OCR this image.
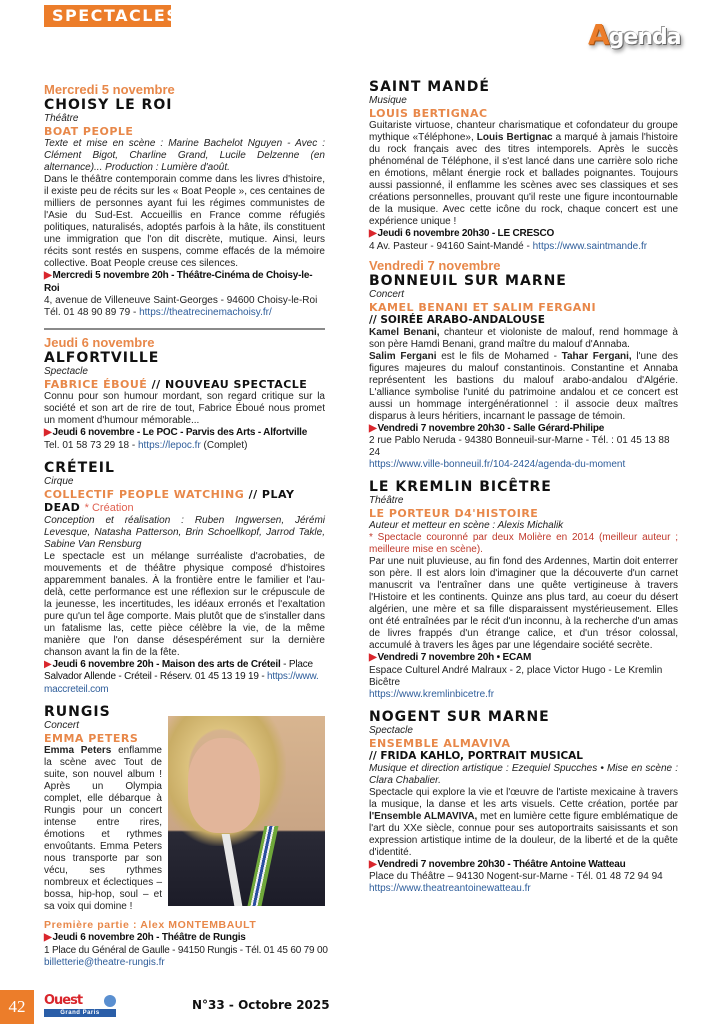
SPECTACLES
Agenda
Mercredi 5 novembre
CHOISY LE ROI
Théâtre
BOAT PEOPLE
Texte et mise en scène : Marine Bachelot Nguyen - Avec : Clément Bigot, Charline Grand, Lucile Delzenne (en alternance)... Production : Lumière d'août.
Dans le théâtre contemporain comme dans les livres d'histoire, il existe peu de récits sur les « Boat People », ces centaines de milliers de personnes ayant fui les régimes communistes de l'Asie du Sud-Est. Accueillis en France comme réfugiés politiques, naturalisés, adoptés parfois à la hâte, ils constituent une immigration que l'on dit discrète, mutique. Ainsi, leurs récits sont restés en suspens, comme effacés de la mémoire collective. Boat People creuse ces silences.
▶Mercredi 5 novembre 20h - Théâtre-Cinéma de Choisy-le-Roi
4, avenue de Villeneuve Saint-Georges - 94600 Choisy-le-Roi
Tél. 01 48 90 89 79 - https://theatrecinemachoisy.fr/
Jeudi 6 novembre
ALFORTVILLE
Spectacle
FABRICE ÉBOUÉ // NOUVEAU SPECTACLE
Connu pour son humour mordant, son regard critique sur la société et son art de rire de tout, Fabrice Éboué nous promet un moment d'humour mémorable...
▶Jeudi 6 novembre - Le POC - Parvis des Arts - Alfortville
Tel. 01 58 73 29 18 - https://lepoc.fr (Complet)
CRÉTEIL
Cirque
COLLECTIF PEOPLE WATCHING // PLAY DEAD * Création
Conception et réalisation : Ruben Ingwersen, Jérémi Levesque, Natasha Patterson, Brin Schoellkopf, Jarrod Takle, Sabine Van Rensburg
Le spectacle est un mélange surréaliste d'acrobaties, de mouvements et de théâtre physique composé d'histoires apparemment banales. À la frontière entre le familier et l'au-delà, cette performance est une réflexion sur le crépuscule de la jeunesse, les incertitudes, les idéaux erronés et l'exaltation pure qu'un tel âge comporte. Mais plutôt que de s'installer dans un fatalisme las, cette pièce célèbre la vie, de la même manière que l'on danse désespérément sur la dernière chanson avant la fin de la fête.
▶Jeudi 6 novembre 20h - Maison des arts de Créteil - Place Salvador Allende - Créteil - Réserv. 01 45 13 19 19 - https://www.maccreteil.com
RUNGIS
Concert
EMMA PETERS
Emma Peters enflamme la scène avec Tout de suite, son nouvel album ! Après un Olympia complet, elle débarque à Rungis pour un concert intense entre rires, émotions et rythmes envoûtants. Emma Peters nous transporte par son vécu, ses rythmes nombreux et éclectiques – bossa, hip-hop, soul – et sa voix qui domine !
Première partie : Alex MONTEMBAULT
▶Jeudi 6 novembre 20h - Théâtre de Rungis
1 Place du Général de Gaulle - 94150 Rungis - Tél. 01 45 60 79 00
billetterie@theatre-rungis.fr
SAINT MANDÉ
Musique
LOUIS BERTIGNAC
Guitariste virtuose, chanteur charismatique et cofondateur du groupe mythique «Téléphone», Louis Bertignac a marqué à jamais l'histoire du rock français avec des titres intemporels. Après le succès phénoménal de Téléphone, il s'est lancé dans une carrière solo riche en émotions, mêlant énergie rock et ballades poignantes. Toujours aussi passionné, il enflamme les scènes avec ses classiques et ses créations personnelles, prouvant qu'il reste une figure incontournable de la musique. Avec cette icône du rock, chaque concert est une expérience unique !
▶Jeudi 6 novembre 20h30 - LE CRESCO
4 Av. Pasteur - 94160 Saint-Mandé - https://www.saintmande.fr
Vendredi 7 novembre
BONNEUIL SUR MARNE
Concert
KAMEL BENANI ET SALIM FERGANI
// SOIRÉE ARABO-ANDALOUSE
Kamel Benani, chanteur et violoniste de malouf, rend hommage à son père Hamdi Benani, grand maître du malouf d'Annaba.
Salim Fergani est le fils de Mohamed - Tahar Fergani, l'une des figures majeures du malouf constantinois. Constantine et Annaba représentent les bastions du malouf arabo-andalou d'Algérie. L'alliance symbolise l'unité du patrimoine andalou et ce concert est aussi un hommage intergénérationnel : il associe deux maîtres disparus à leurs héritiers, incarnant le passage de témoin.
▶Vendredi 7 novembre 20h30 - Salle Gérard-Philipe
2 rue Pablo Neruda - 94380 Bonneuil-sur-Marne - Tél. : 01 45 13 88 24
https://www.ville-bonneuil.fr/104-2424/agenda-du-moment
LE KREMLIN BICÊTRE
Théâtre
LE PORTEUR D4'HISTOIRE
Auteur et metteur en scène : Alexis Michalik
* Spectacle couronné par deux Molière en 2014 (meilleur auteur ; meilleure mise en scène).
Par une nuit pluvieuse, au fin fond des Ardennes, Martin doit enterrer son père. Il est alors loin d'imaginer que la découverte d'un carnet manuscrit va l'entraîner dans une quête vertigineuse à travers l'Histoire et les continents. Quinze ans plus tard, au coeur du désert algérien, une mère et sa fille disparaissent mystérieusement. Elles ont été entraînées par le récit d'un inconnu, à la recherche d'un amas de livres frappés d'un étrange calice, et d'un trésor colossal, accumulé à travers les âges par une légendaire société secrète.
▶Vendredi 7 novembre 20h • ECAM
Espace Culturel André Malraux - 2, place Victor Hugo - Le Kremlin Bicêtre
https://www.kremlinbicetre.fr
NOGENT SUR MARNE
Spectacle
ENSEMBLE ALMAVIVA
// FRIDA KAHLO, PORTRAIT MUSICAL
Musique et direction artistique : Ezequiel Spucches • Mise en scène : Clara Chabalier.
Spectacle qui explore la vie et l'œuvre de l'artiste mexicaine à travers la musique, la danse et les arts visuels. Cette création, portée par l'Ensemble ALMAVIVA, met en lumière cette figure emblématique de l'art du XXe siècle, connue pour ses autoportraits saisissants et son expression artistique intime de la douleur, de la liberté et de la quête d'identité.
▶Vendredi 7 novembre 20h30 - Théâtre Antoine Watteau
Place du Théâtre – 94130 Nogent-sur-Marne - Tél. 01 48 72 94 94
https://www.theatreantoinewatteau.fr
42	Ouest
Grand Paris
N°33 - Octobre 2025
